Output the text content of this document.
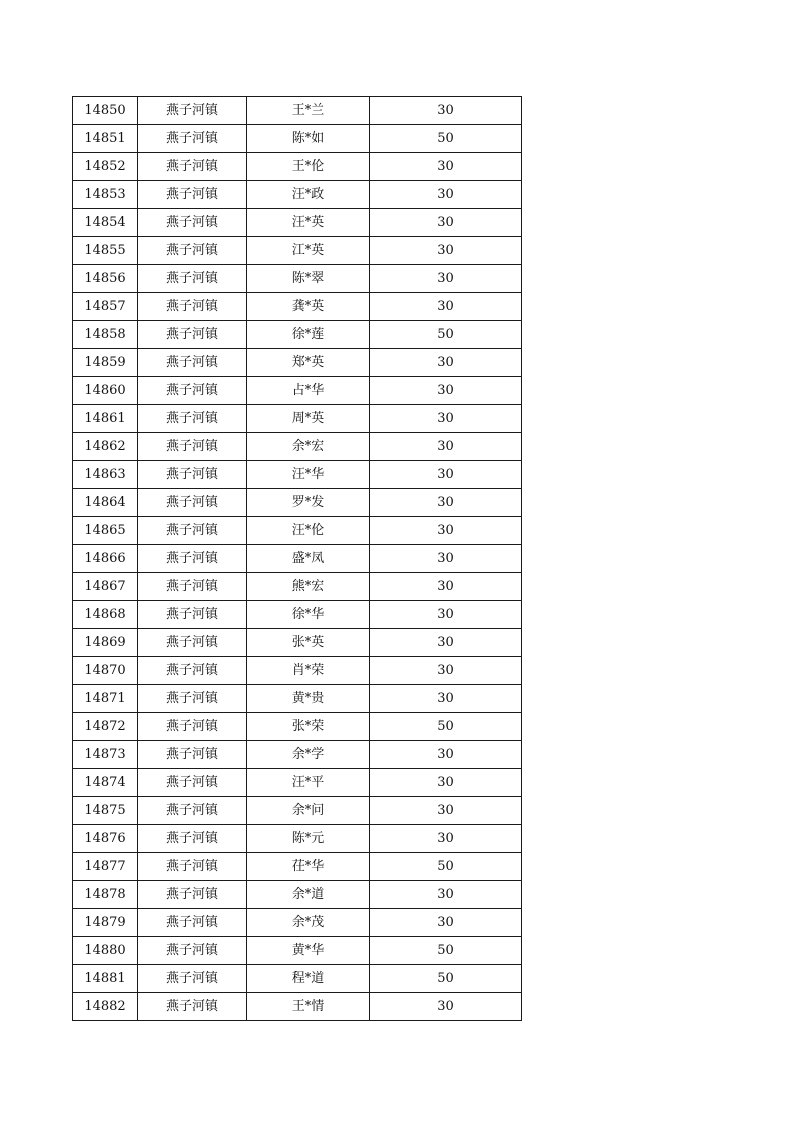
14850	燕子河镇	王*兰	30
14851	燕子河镇	陈*如	50
14852	燕子河镇	王*伦	30
14853	燕子河镇	汪*政	30
14854	燕子河镇	汪*英	30
14855	燕子河镇	江*英	30
14856	燕子河镇	陈*翠	30
14857	燕子河镇	龚*英	30
14858	燕子河镇	徐*莲	50
14859	燕子河镇	郑*英	30
14860	燕子河镇	占*华	30
14861	燕子河镇	周*英	30
14862	燕子河镇	余*宏	30
14863	燕子河镇	汪*华	30
14864	燕子河镇	罗*发	30
14865	燕子河镇	汪*伦	30
14866	燕子河镇	盛*凤	30
14867	燕子河镇	熊*宏	30
14868	燕子河镇	徐*华	30
14869	燕子河镇	张*英	30
14870	燕子河镇	肖*荣	30
14871	燕子河镇	黄*贵	30
14872	燕子河镇	张*荣	50
14873	燕子河镇	余*学	30
14874	燕子河镇	汪*平	30
14875	燕子河镇	余*问	30
14876	燕子河镇	陈*元	30
14877	燕子河镇	茌*华	50
14878	燕子河镇	余*道	30
14879	燕子河镇	余*茂	30
14880	燕子河镇	黄*华	50
14881	燕子河镇	程*道	50
14882	燕子河镇	王*情	30
